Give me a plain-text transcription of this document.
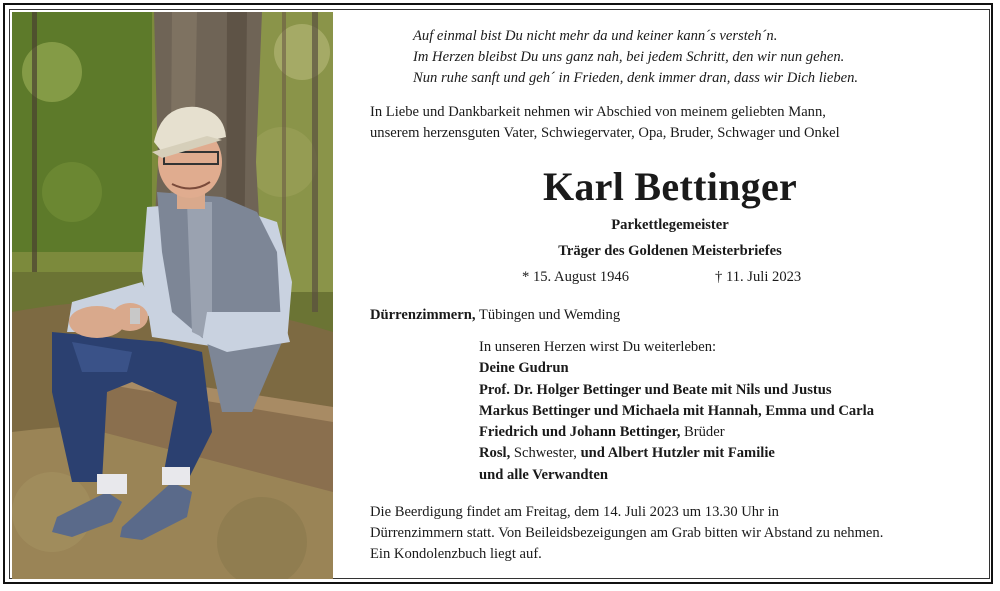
Auf einmal bist Du nicht mehr da und keiner kann´s versteh´n.
Im Herzen bleibst Du uns ganz nah, bei jedem Schritt, den wir nun gehen.
Nun ruhe sanft und geh´ in Frieden, denk immer dran, dass wir Dich lieben.
In Liebe und Dankbarkeit nehmen wir Abschied von meinem geliebten Mann,
unserem herzensguten Vater, Schwiegervater, Opa, Bruder, Schwager und Onkel
Karl Bettinger
Parkettlegemeister
Träger des Goldenen Meisterbriefes
* 15. August 1946	† 11. Juli 2023
Dürrenzimmern, Tübingen und Wemding
In unseren Herzen wirst Du weiterleben:
Deine Gudrun
Prof. Dr. Holger Bettinger und Beate mit Nils und Justus
Markus Bettinger und Michaela mit Hannah, Emma und Carla
Friedrich und Johann Bettinger, Brüder
Rosl, Schwester, und Albert Hutzler mit Familie
und alle Verwandten
Die Beerdigung findet am Freitag, dem 14. Juli 2023 um 13.30 Uhr in
Dürrenzimmern statt. Von Beileidsbezeigungen am Grab bitten wir Abstand zu nehmen.
Ein Kondolenzbuch liegt auf.
